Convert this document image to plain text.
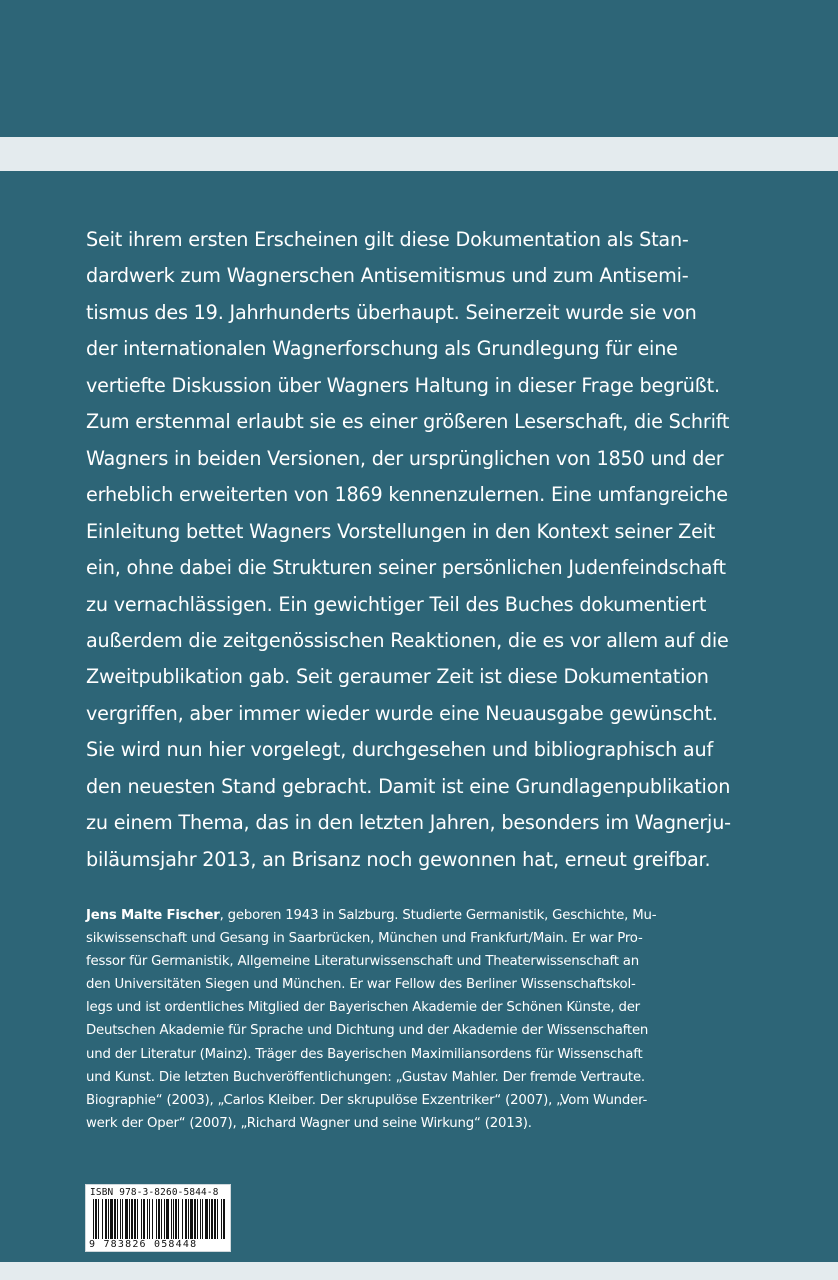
Seit ihrem ersten Erscheinen gilt diese Dokumentation als Stan-
dardwerk zum Wagnerschen Antisemitismus und zum Antisemi-
tismus des 19. Jahrhunderts überhaupt. Seinerzeit wurde sie von
der internationalen Wagnerforschung als Grundlegung für eine
vertiefte Diskussion über Wagners Haltung in dieser Frage begrüßt.
Zum erstenmal erlaubt sie es einer größeren Leserschaft, die Schrift
Wagners in beiden Versionen, der ursprünglichen von 1850 und der
erheblich erweiterten von 1869 kennenzulernen. Eine umfangreiche
Einleitung bettet Wagners Vorstellungen in den Kontext seiner Zeit
ein, ohne dabei die Strukturen seiner persönlichen Judenfeindschaft
zu vernachlässigen. Ein gewichtiger Teil des Buches dokumentiert
außerdem die zeitgenössischen Reaktionen, die es vor allem auf die
Zweitpublikation gab. Seit geraumer Zeit ist diese Dokumentation
vergriffen, aber immer wieder wurde eine Neuausgabe gewünscht.
Sie wird nun hier vorgelegt, durchgesehen und bibliographisch auf
den neuesten Stand gebracht. Damit ist eine Grundlagenpublikation
zu einem Thema, das in den letzten Jahren, besonders im Wagnerju-
biläumsjahr 2013, an Brisanz noch gewonnen hat, erneut greifbar.
Jens Malte Fischer, geboren 1943 in Salzburg. Studierte Germanistik, Geschichte, Mu-
sikwissenschaft und Gesang in Saarbrücken, München und Frankfurt/Main. Er war Pro-
fessor für Germanistik, Allgemeine Literaturwissenschaft und Theaterwissenschaft an
den Universitäten Siegen und München. Er war Fellow des Berliner Wissenschaftskol-
legs und ist ordentliches Mitglied der Bayerischen Akademie der Schönen Künste, der
Deutschen Akademie für Sprache und Dichtung und der Akademie der Wissenschaften
und der Literatur (Mainz). Träger des Bayerischen Maximiliansordens für Wissenschaft
und Kunst. Die letzten Buchveröffentlichungen: „Gustav Mahler. Der fremde Vertraute.
Biographie“ (2003), „Carlos Kleiber. Der skrupulöse Exzentriker“ (2007), „Vom Wunder-
werk der Oper“ (2007), „Richard Wagner und seine Wirkung“ (2013).
ISBN 978-3-8260-5844-8
9 783826 058448
